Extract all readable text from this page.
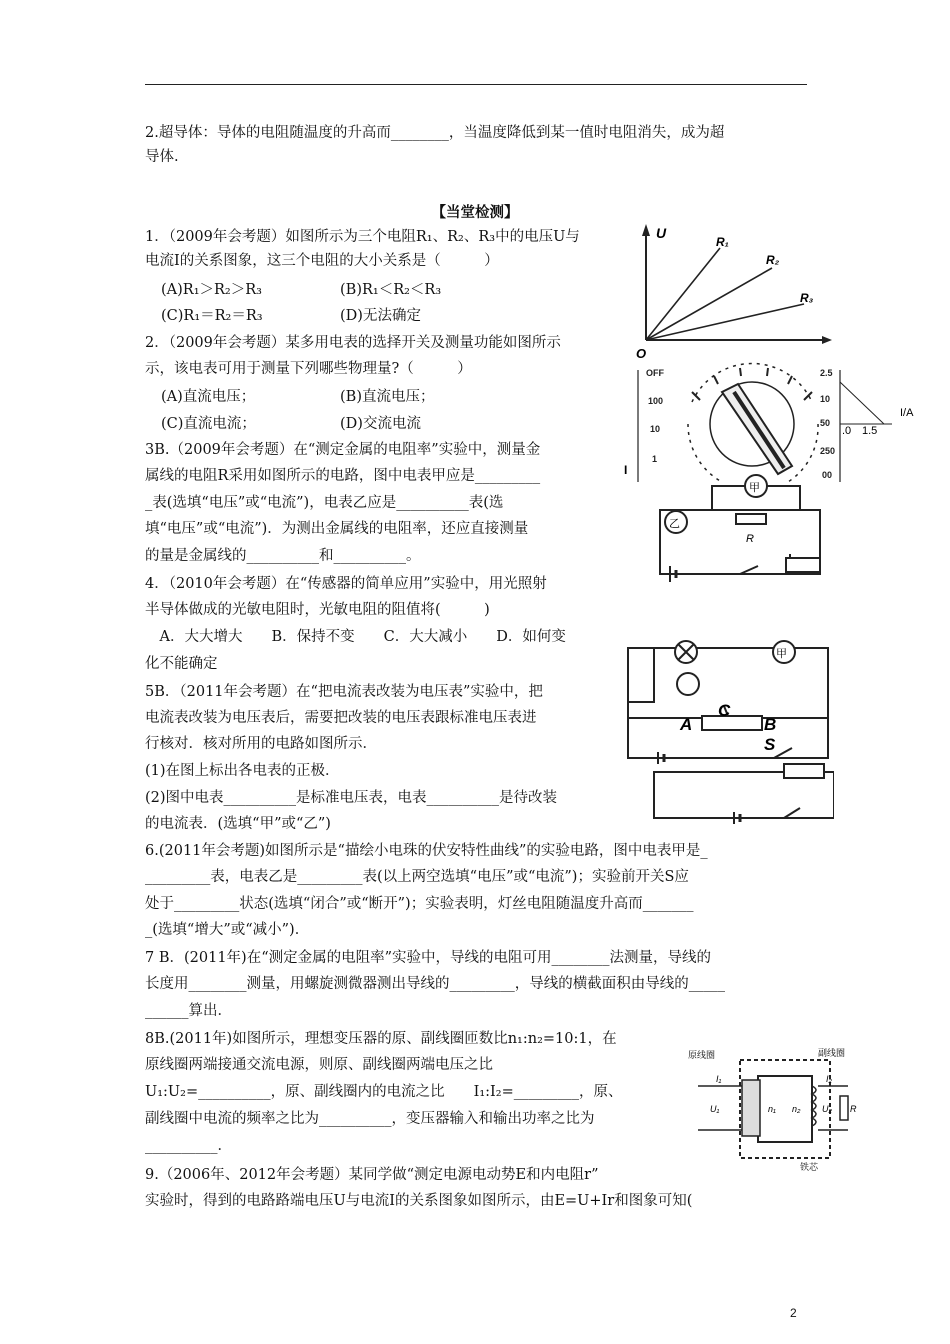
2.超导体：导体的电阻随温度的升高而________，当温度降低到某一值时电阻消失，成为超
导体.
【当堂检测】
1．（2009年会考题）如图所示为三个电阻R₁、R₂、R₃中的电压U与
电流I的关系图象，这三个电阻的大小关系是（　　　）
(A)R₁＞R₂＞R₃	(B)R₁＜R₂＜R₃
(C)R₁＝R₂＝R₃	(D)无法确定
2．（2009年会考题）某多用电表的选择开关及测量功能如图所示
示，该电表可用于测量下列哪些物理量?（　　　）
(A)直流电压；	(B)直流电压；
(C)直流电流；	(D)交流电流
3B.（2009年会考题）在“测定金属的电阻率”实验中，测量金
属线的电阻R采用如图所示的电路，图中电表甲应是_________
_表(选填“电压”或“电流”)，电表乙应是__________表(选
填“电压”或“电流”)．为测出金属线的电阻率，还应直接测量
的量是金属线的__________和__________。
4．（2010年会考题）在“传感器的简单应用”实验中，用光照射
半导体做成的光敏电阻时，光敏电阻的阻值将(　　　)
　A．大大增大　　B．保持不变　　C．大大减小　　D．如何变
化不能确定
5B．（2011年会考题）在“把电流表改装为电压表”实验中，把
电流表改装为电压表后，需要把改装的电压表跟标准电压表进
行核对．核对所用的电路如图所示．
(1)在图上标出各电表的正极．
(2)图中电表__________是标准电压表，电表__________是待改装
的电流表．(选填“甲”或“乙”)
6.(2011年会考题)如图所示是“描绘小电珠的伏安特性曲线”的实验电路，图中电表甲是_
_________表，电表乙是_________表(以上两空选填“电压”或“电流”)；实验前开关S应
处于_________状态(选填“闭合”或“断开”)；实验表明，灯丝电阻随温度升高而_______
_(选填“增大”或“减小”)．
7 B．(2011年)在“测定金属的电阻率”实验中，导线的电阻可用________法测量，导线的
长度用________测量，用螺旋测微器测出导线的_________，导线的横截面积由导线的_____
______算出．
8B.(2011年)如图所示，理想变压器的原、副线圈匝数比n₁:n₂=10:1，在
原线圈两端接通交流电源，则原、副线圈两端电压之比
U₁:U₂=__________，原、副线圈内的电流之比　　I₁:I₂=_________，原、
副线圈中电流的频率之比为__________，变压器输入和输出功率之比为
__________．
9.（2006年、2012年会考题）某同学做“测定电源电动势E和内电阻r”
实验时，得到的电路路端电压U与电流I的关系图象如图所示，由E=U+Ir和图象可知(
U
R₁
R₂
R₃
O
OFF
100
10
1
2.5
10
50
250
00
I
I/A
.0 1.5
甲
乙
R
甲
A
C
B
S
原线圈	副线圈
铁芯
I₁	I₂
U₁	U₂
n₁ n₂	R
2
